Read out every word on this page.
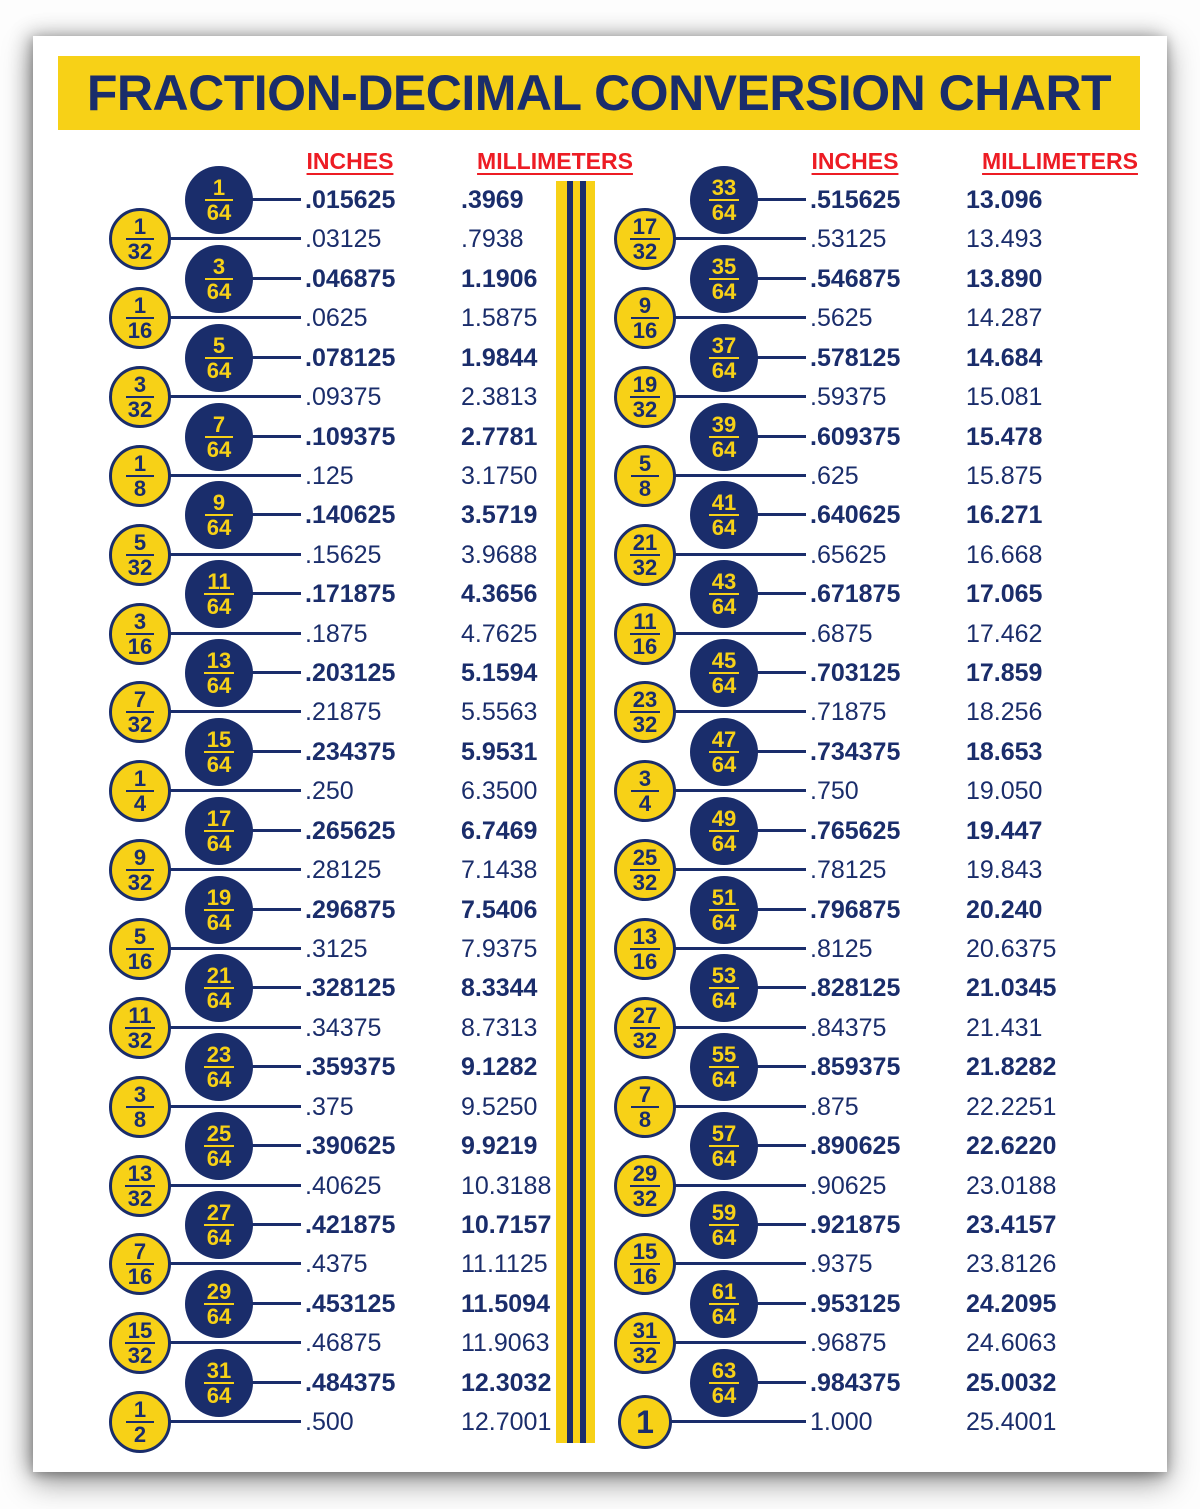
FRACTION-DECIMAL CONVERSION CHART
INCHES	MILLIMETERS	INCHES	MILLIMETERS
$\frac{1}{64}$	.015625	.3969
$\frac{1}{32}$	.03125	.7938
$\frac{3}{64}$	.046875	1.1906
$\frac{1}{16}$	.0625	1.5875
$\frac{5}{64}$	.078125	1.9844
$\frac{3}{32}$	.09375	2.3813
$\frac{7}{64}$	.109375	2.7781
$\frac{1}{8}$	.125	3.1750
$\frac{9}{64}$	.140625	3.5719
$\frac{5}{32}$	.15625	3.9688
$\frac{11}{64}$	.171875	4.3656
$\frac{3}{16}$	.1875	4.7625
$\frac{13}{64}$	.203125	5.1594
$\frac{7}{32}$	.21875	5.5563
$\frac{15}{64}$	.234375	5.9531
$\frac{1}{4}$	.250	6.3500
$\frac{17}{64}$	.265625	6.7469
$\frac{9}{32}$	.28125	7.1438
$\frac{19}{64}$	.296875	7.5406
$\frac{5}{16}$	.3125	7.9375
$\frac{21}{64}$	.328125	8.3344
$\frac{11}{32}$	.34375	8.7313
$\frac{23}{64}$	.359375	9.1282
$\frac{3}{8}$	.375	9.5250
$\frac{25}{64}$	.390625	9.9219
$\frac{13}{32}$	.40625	10.3188
$\frac{27}{64}$	.421875	10.7157
$\frac{7}{16}$	.4375	11.1125
$\frac{29}{64}$	.453125	11.5094
$\frac{15}{32}$	.46875	11.9063
$\frac{31}{64}$	.484375	12.3032
$\frac{1}{2}$	.500	12.7001
$\frac{33}{64}$	.515625	13.096
$\frac{17}{32}$	.53125	13.493
$\frac{35}{64}$	.546875	13.890
$\frac{9}{16}$	.5625	14.287
$\frac{37}{64}$	.578125	14.684
$\frac{19}{32}$	.59375	15.081
$\frac{39}{64}$	.609375	15.478
$\frac{5}{8}$	.625	15.875
$\frac{41}{64}$	.640625	16.271
$\frac{21}{32}$	.65625	16.668
$\frac{43}{64}$	.671875	17.065
$\frac{11}{16}$	.6875	17.462
$\frac{45}{64}$	.703125	17.859
$\frac{23}{32}$	.71875	18.256
$\frac{47}{64}$	.734375	18.653
$\frac{3}{4}$	.750	19.050
$\frac{49}{64}$	.765625	19.447
$\frac{25}{32}$	.78125	19.843
$\frac{51}{64}$	.796875	20.240
$\frac{13}{16}$	.8125	20.6375
$\frac{53}{64}$	.828125	21.0345
$\frac{27}{32}$	.84375	21.431
$\frac{55}{64}$	.859375	21.8282
$\frac{7}{8}$	.875	22.2251
$\frac{57}{64}$	.890625	22.6220
$\frac{29}{32}$	.90625	23.0188
$\frac{59}{64}$	.921875	23.4157
$\frac{15}{16}$	.9375	23.8126
$\frac{61}{64}$	.953125	24.2095
$\frac{31}{32}$	.96875	24.6063
$\frac{63}{64}$	.984375	25.0032
1	1.000	25.4001
